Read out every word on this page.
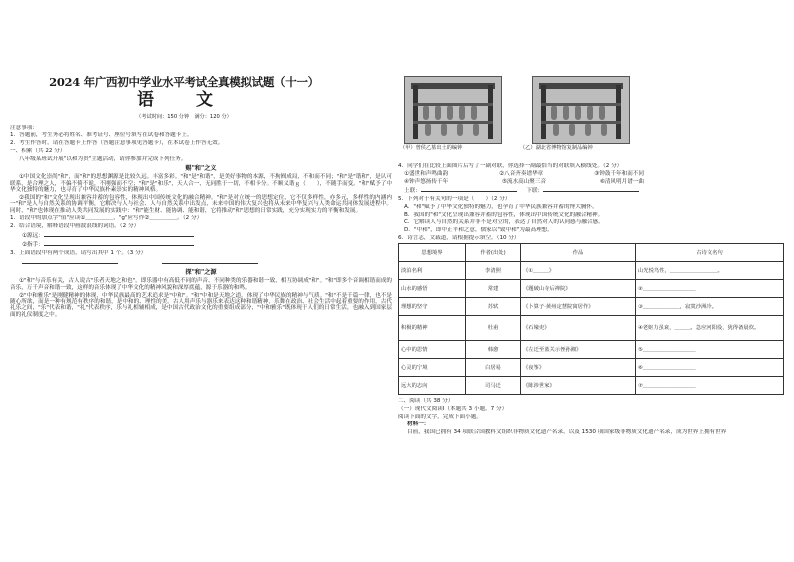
2024 年广西初中学业水平考试全真模拟试题（十一）
语 文
（考试时间：150 分钟　满分：120 分）
注意事项：
1．答题前，考生务必将姓名、准考证号、座位号填写在试卷和答题卡上。
2．考生作答时，请在答题卡上作答（答题注意事项见答题卡），在本试卷上作答无效。
一、积累（共 22 分）
八年级某班试开展"以和为贵"主题活动，请你参加并完成下列任务。
赐"和"之义
①中国文化崇尚"和"，而"和"的思想渊源是比较久远。丰富多彩。"和"是"和谐"，是美好事物的本源，不拘囿成局，不和而不同；"和"是"谐和"，是认可联系，是合理之人，不偏不倚不诡，不刚强而不空；"和"是"和乐"，天人合一，无同胜于一切，不相卡分。不顺义谐ｇ（　　），不随手而变。"和"赋予了中华文化独特的魅力，也寻育了中华民族朴素崇实的精神风格。
②我国的"和"文化呈现出兼容并蓄的包容性，体现出中国传统文化的融合精神。"和"是对立统一的思想定位，它不仅多样性，亦多元，多样性的内涵内一"和"是人与自然关系的协调平衡，它解决与人与社会、人与自然关系中出发点，未来中国的伟大复兴也将从未来中华复兴与人类命运共同体发展进程中。同时，"和"也体现在推动人类共同发展的实践中："和"能生财、能协调、能和谐，它将推动"和"思想的日常实践，充分实现实力的平衡和发展。
1．语段中的加点字"值"应读①＿＿＿＿＿，"g"应写作②＿＿＿＿＿。（2 分）
2．结合语境，解释语段中画波浪线的词语。（2 分）
①源远：
②指手：
3．上面语段中有两个成语，请写出其中 1 个。（3 分）

探"和"之源
①"和"与音乐有关，古人说古"乐者天地之和也"，即乐器中有高低不同的声音、不同种类的乐器和谐一致，相互协调成"和"。"和"即多个音调相谐而成的音乐，万千声音和谐一致，这样的音乐体现了中华文化的精神风貌和深厚底蕴，源于乐器的和鸣。
②"中和雅乐"是刚健精神的体现，中华民族最高的艺术追求是"中和"。"和"中和是天地之道，体现了中华民族的精神与气质。"和"不是千篇一律，也不是随心所欲，而是一种有规范有秩序的和谐，是中和的、理性的美。古人用声乐与器乐来表达这种和谐精神，乐舞在政治、社会生活中起着重要的作用。古代礼乐之间，"乐"代表和谐，"礼"代表秩序，乐与礼相辅相成，是中国古代政治文化的重要组成部分，"中和雅乐"既体现于人们的日常生活，也融入到国家层面的礼仪制度之中。
（甲）曾侯乙墓出土的编钟	（乙）湖北省博物馆复制品编钟
4．同学们在比较上面图片后写了一副对联，你选择一副最恰当的对联填入横线处。（2 分）
①盛世和声鸣曲韵	②八音齐奏谱华章	③钟鼓千年和而不同
④钟声悠扬传千年	⑤流水高山聚三音	⑥清风明月谱一曲
上联：	下联：
5．下列对于有关句的一项是（　　）（2 分）
A．"和"赋予了中华文化独特的魅力，也孕育了中华民族兼容并蓄的博大胸怀。
B．我国的"和"文化呈现出兼容并蓄的包容性，体现出中国传统文化的融合精神。
C．它解读人与自然的关系并非不是对立的，表达了自然对人的认同感与融合感。
D．"中和"，即中正平和之意，儒家以"致中和"为最高理想。
6．诗言志，文载道，请根据提示填空。（10 分）
思想境界	作者(出处)	作品	古诗文名句
淡泊名利	李清照	《①＿＿＿》	山光悦鸟性，＿＿＿＿＿＿＿＿＿。
山水的感悟	常建	《题破山寺后禅院》	②＿＿＿＿＿＿＿＿＿＿
理想的坚守	苏轼	《卜算子·黄州定慧院寓居作》	③＿＿＿＿＿＿＿，寂寞沙洲冷。
积极的精神	杜甫	《石壕吏》	④老妪力虽衰，＿＿＿。急应河阳役，犹得备晨炊。
心中的思情	韩愈	《左迁至蓝关示侄孙湘》	⑤＿＿＿＿＿＿＿＿＿＿
心灵的宁境	白居易	《夜筝》	⑥＿＿＿＿＿＿＿＿＿＿
远大的志向	司马迁	《陈涉世家》	⑦＿＿＿＿＿＿＿＿＿＿
二、阅读（共 38 分）
（一）现代文阅读Ⅰ（本题共 3 小题，7 分）
阅读下面的文字，完成下面小题。
材料一：
目前，我国已拥有 34 项联合国教科文组织非物质文化遗产名录，以及 1530 项国家级非物质文化遗产名录，成为世界上拥有世界
